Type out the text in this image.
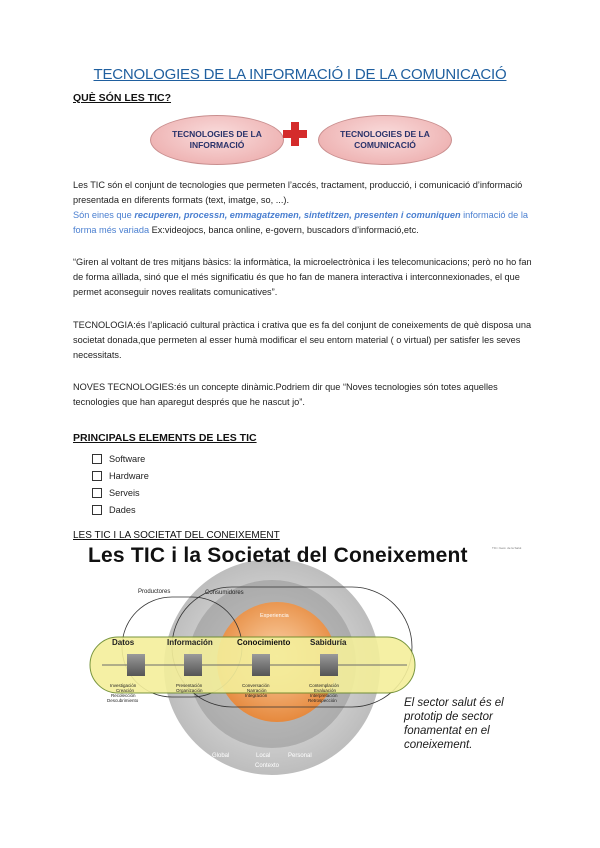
TECNOLOGIES DE LA INFORMACIÓ I DE LA COMUNICACIÓ
QUÈ SÓN LES TIC?
TECNOLOGIES DE LA INFORMACIÓ
TECNOLOGIES DE LA COMUNICACIÓ
Les TIC són el conjunt de tecnologies que permeten l’accés, tractament, producció, i comunicació d’informació presentada en diferents formats (text, imatge, so, ...).
Són eines que recuperen, processn, emmagatzemen, sintetitzen, presenten i comuniquen informació de la forma més variada Ex:videojocs, banca online, e-govern, buscadors d’informació,etc.
“Giren al voltant de tres mitjans bàsics: la informàtica, la microelectrònica i les telecomunicacions; però no ho fan de forma aïllada, sinó que el més significatiu és que ho fan de manera interactiva i interconnexionades, el que permet aconseguir noves realitats comunicatives”.
TECNOLOGIA:és l’aplicació cultural pràctica i crativa que es fa del conjunt de coneixements de què disposa una societat donada,que permeten al esser humà modificar el seu entorn material ( o virtual) per satisfer les seves necessitats.
NOVES TECNOLOGIES:és un concepte dinàmic.Podriem dir que “Noves tecnologies són totes aquelles tecnologies que han aparegut després que he nascut jo”.
PRINCIPALS ELEMENTS DE LES TIC
Software
Hardware
Serveis
Dades
LES TIC I LA SOCIETAT DEL CONEIXEMENT
Productores	Consumidores
Experiencia
Datos	Información	Conocimiento Sabiduría
Investigación
Creación
Recolección
Descubrimiento
Presentación
Organización
Conversación
Narración
Integración
Contemplación
Evaluación
Interpretación
Retrospección
Global	Local	Personal
Contexto
Les TIC i la Societat del Coneixement	TIC i Gest. de la Salut
El sector salut és el prototip de sector fonamentat en el coneixement.
